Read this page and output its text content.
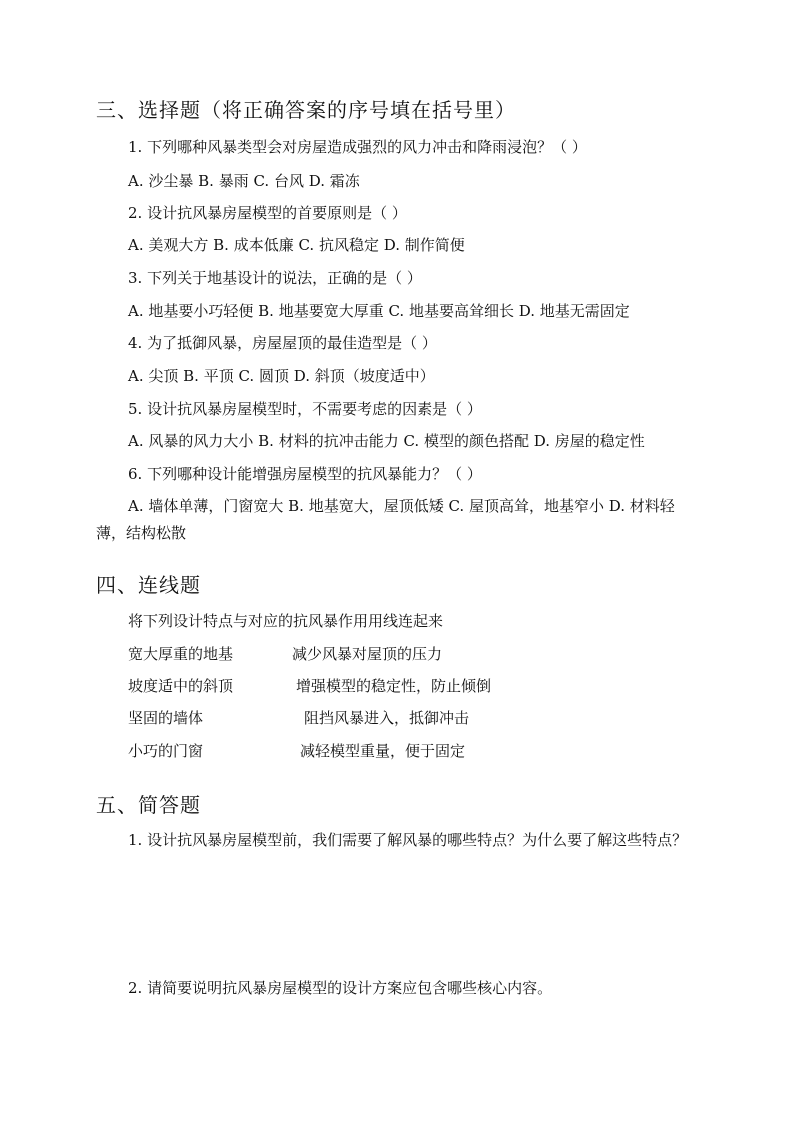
三、选择题（将正确答案的序号填在括号里）
1. 下列哪种风暴类型会对房屋造成强烈的风力冲击和降雨浸泡？（ ）
A. 沙尘暴 B. 暴雨 C. 台风 D. 霜冻
2. 设计抗风暴房屋模型的首要原则是（ ）
A. 美观大方 B. 成本低廉 C. 抗风稳定 D. 制作简便
3. 下列关于地基设计的说法，正确的是（ ）
A. 地基要小巧轻便 B. 地基要宽大厚重 C. 地基要高耸细长 D. 地基无需固定
4. 为了抵御风暴，房屋屋顶的最佳造型是（ ）
A. 尖顶 B. 平顶 C. 圆顶 D. 斜顶（坡度适中）
5. 设计抗风暴房屋模型时，不需要考虑的因素是（ ）
A. 风暴的风力大小 B. 材料的抗冲击能力 C. 模型的颜色搭配 D. 房屋的稳定性
6. 下列哪种设计能增强房屋模型的抗风暴能力？（ ）
A. 墙体单薄，门窗宽大 B. 地基宽大，屋顶低矮 C. 屋顶高耸，地基窄小 D. 材料轻薄，结构松散
四、连线题
将下列设计特点与对应的抗风暴作用用线连起来
宽大厚重的地基	减少风暴对屋顶的压力
坡度适中的斜顶	增强模型的稳定性，防止倾倒
坚固的墙体	阻挡风暴进入，抵御冲击
小巧的门窗	减轻模型重量，便于固定
五、简答题
1. 设计抗风暴房屋模型前，我们需要了解风暴的哪些特点？为什么要了解这些特点？
2. 请简要说明抗风暴房屋模型的设计方案应包含哪些核心内容。
